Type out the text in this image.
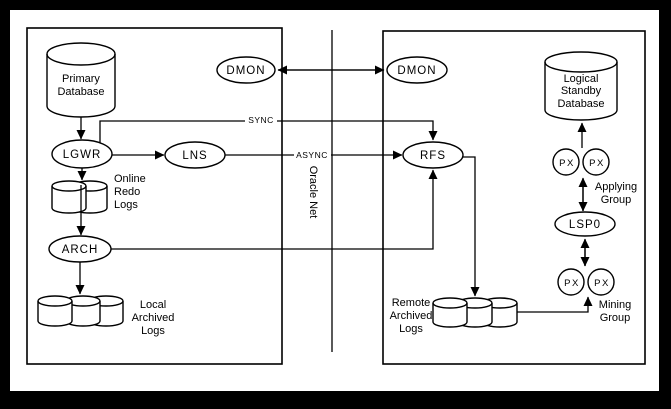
Primary
Database
DMON	DMON
LGWR	LNS
ARCH
RFS
LSP0
PX PX
PX PX
Online
Redo
Logs
Local
Archived
Logs
Remote
Archived
Logs
Logical
Standby
Database
Applying
Group
Mining
Group
SYNC
ASYNC
Oracle Net
